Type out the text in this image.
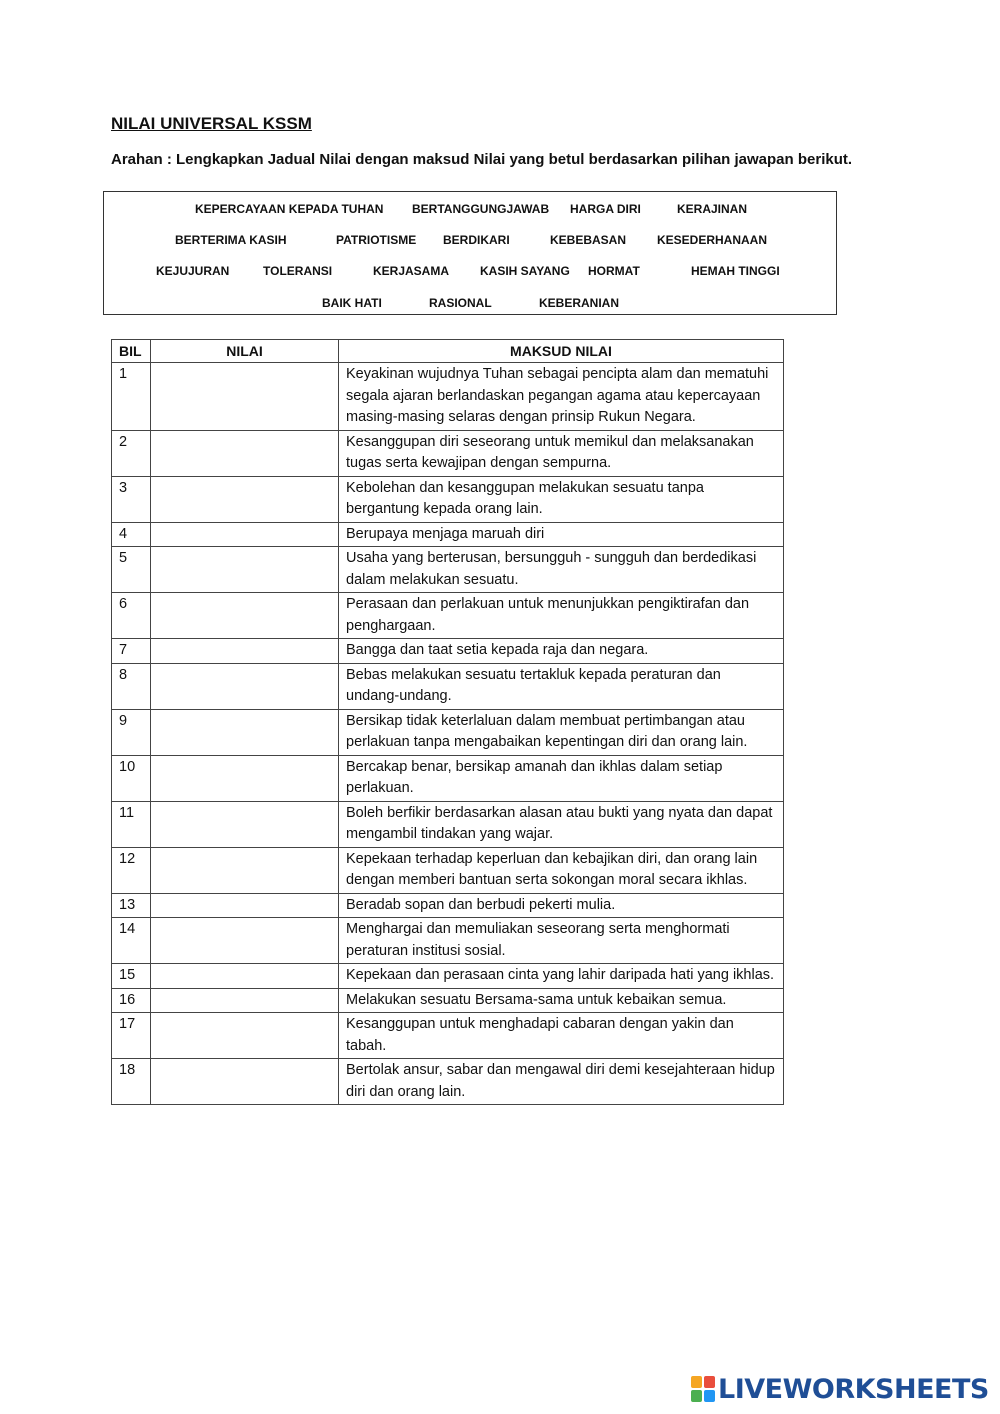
NILAI UNIVERSAL KSSM
Arahan : Lengkapkan Jadual Nilai dengan maksud Nilai yang betul berdasarkan pilihan jawapan berikut.
KEPERCAYAAN KEPADA TUHAN BERTANGGUNGJAWAB HARGA DIRI	KERAJINAN
BERTERIMA KASIH	PATRIOTISME BERDIKARI	KEBEBASAN	KESEDERHANAAN
KEJUJURAN	TOLERANSI	KERJASAMA	KASIH SAYANG HORMAT	HEMAH TINGGI
BAIK HATI	RASIONAL	KEBERANIAN
BIL	NILAI	MAKSUD NILAI
1		Keyakinan wujudnya Tuhan sebagai pencipta alam dan mematuhi segala ajaran berlandaskan pegangan agama atau kepercayaan masing-masing selaras dengan prinsip Rukun Negara.
2		Kesanggupan diri seseorang untuk memikul dan melaksanakan tugas serta kewajipan dengan sempurna.
3		Kebolehan dan kesanggupan melakukan sesuatu tanpa bergantung kepada orang lain.
4		Berupaya menjaga maruah diri
5		Usaha yang berterusan, bersungguh - sungguh dan berdedikasi dalam melakukan sesuatu.
6		Perasaan dan perlakuan untuk menunjukkan pengiktirafan dan penghargaan.
7		Bangga dan taat setia kepada raja dan negara.
8		Bebas melakukan sesuatu tertakluk kepada peraturan dan undang-undang.
9		Bersikap tidak keterlaluan dalam membuat pertimbangan atau perlakuan tanpa mengabaikan kepentingan diri dan orang lain.
10		Bercakap benar, bersikap amanah dan ikhlas dalam setiap perlakuan.
11		Boleh berfikir berdasarkan alasan atau bukti yang nyata dan dapat mengambil tindakan yang wajar.
12		Kepekaan terhadap keperluan dan kebajikan diri, dan orang lain dengan memberi bantuan serta sokongan moral secara ikhlas.
13		Beradab sopan dan berbudi pekerti mulia.
14		Menghargai dan memuliakan seseorang serta menghormati peraturan institusi sosial.
15		Kepekaan dan perasaan cinta yang lahir daripada hati yang ikhlas.
16		Melakukan sesuatu Bersama-sama untuk kebaikan semua.
17		Kesanggupan untuk menghadapi cabaran dengan yakin dan tabah.
18		Bertolak ansur, sabar dan mengawal diri demi kesejahteraan hidup diri dan orang lain.
LIVEWORKSHEETS
